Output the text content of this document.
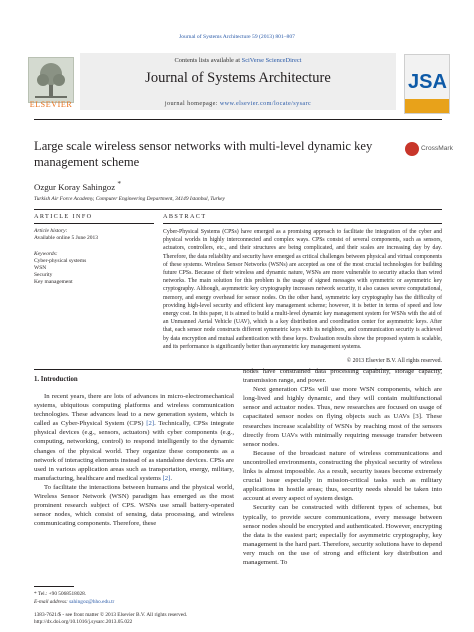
Journal of Systems Architecture 59 (2013) 801–807
ELSEVIER
Contents lists available at SciVerse ScienceDirect
Journal of Systems Architecture
journal homepage: www.elsevier.com/locate/sysarc
JSA
Large scale wireless sensor networks with multi-level dynamic key management scheme
CrossMark
Ozgur Koray Sahingoz *
Turkish Air Force Academy, Computer Engineering Department, 34149 Istanbul, Turkey
ARTICLE INFO	ABSTRACT
Article history:
Available online 5 June 2013
Keywords:
Cyber-physical systems
WSN
Security
Key management
Cyber-Physical Systems (CPSs) have emerged as a promising approach to facilitate the integration of the cyber and physical worlds in highly interconnected and complex ways. CPSs consist of several components, such as sensors, actuators, controllers, etc., and their structures are being complicated, and their scales are increasing day by day. Therefore, the data reliability and security have emerged as critical challenges between physical and virtual components of these systems. Wireless Sensor Networks (WSNs) are accepted as one of the most crucial technologies for building future CPSs. Because of their wireless and dynamic nature, WSNs are more vulnerable to security attacks than wired networks. The main solution for this problem is the usage of signed messages with symmetric or asymmetric key cryptography. Although, asymmetric key cryptography increases network security, it also causes severe computational, memory, and energy overhead for sensor nodes. On the other hand, symmetric key cryptography has the difficulty of providing high-level security and efficient key management scheme; however, it is better in terms of speed and low energy cost. In this paper, it is aimed to build a multi-level dynamic key management system for WSNs with the aid of an Unmanned Aerial Vehicle (UAV), which is a key distribution and coordination center for asymmetric keys. After that, each sensor node constructs different symmetric keys with its neighbors, and communication security is achieved by data encryption and mutual authentication with these keys. Evaluation results show the proposed system is scalable, and its performance is significantly better than asymmetric key management systems.
© 2013 Elsevier B.V. All rights reserved.
1. Introduction

In recent years, there are lots of advances in micro-electromechanical systems, ubiquitous computing platforms and wireless communication technologies. These advances lead to a new generation system, which is called as Cyber-Physical System (CPS) [2]. Technically, CPSs integrate physical devices (e.g., sensors, actuators) with cyber components (e.g., computing, networking, control) to respond intelligently to the dynamic changes of the physical world. They organize these components as a network of interacting elements instead of as standalone devices. CPSs are used in various application areas such as transportation, energy, military, manufacturing, healthcare and medical systems [2].

To facilitate the interactions between humans and the physical world, Wireless Sensor Network (WSN) paradigm has emerged as the most prominent research subject of CPS. WSNs use small battery-operated sensor nodes, which consist of sensing, data processing, and wireless communicating components. Therefore, these

nodes have constrained data processing capability, storage capacity, transmission range, and power.

Next generation CPSs will use more WSN components, which are long-lived and highly dynamic, and they will contain multifunctional sensor and actuator nodes. Thus, new researches are focused on usage of capacitated sensor nodes on flying objects such as UAVs [3]. These researches increase scalability of WSNs by reaching most of the sensors directly from UAVs with minimally requiring message transfer between sensor nodes.

Because of the broadcast nature of wireless communications and uncontrolled environments, constructing the physical security of wireless links is almost impossible. As a result, security issues become extremely crucial issue especially in mission-critical tasks such as military applications in hostile areas; thus, security needs should be taken into account at every aspect of system design.

Security can be constructed with different types of schemes, but typically, to provide secure communications, every message between sensor nodes should be encrypted and authenticated. However, encrypting the data is the easiest part; especially for asymmetric cryptography, key management is the hard part. Therefore, security solutions have to depend very much on the use of strong and efficient key distribution and management. To

* Tel.: +90 5068518028.
E-mail address: sahingoz@hho.edu.tr
1383-7621/$ - see front matter © 2013 Elsevier B.V. All rights reserved.
http://dx.doi.org/10.1016/j.sysarc.2013.05.022
